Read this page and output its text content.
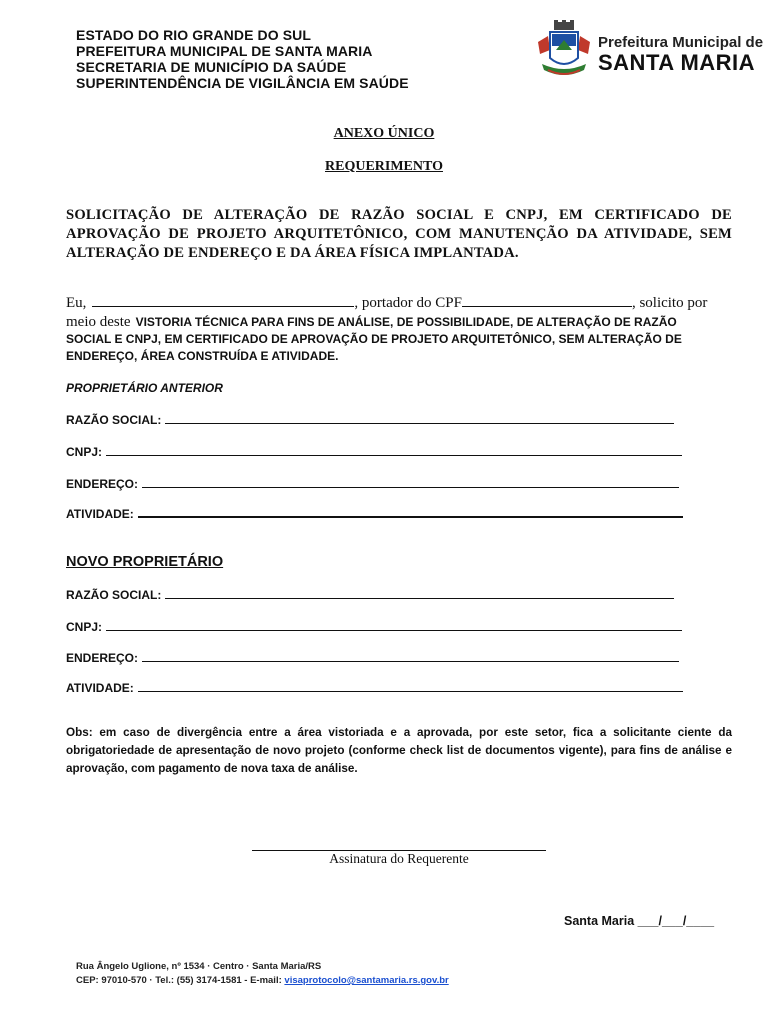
ESTADO DO RIO GRANDE DO SUL
PREFEITURA MUNICIPAL DE SANTA MARIA
SECRETARIA DE MUNICÍPIO DA SAÚDE
SUPERINTENDÊNCIA DE VIGILÂNCIA EM SAÚDE
Prefeitura Municipal de
SANTA MARIA
ANEXO ÚNICO
REQUERIMENTO
SOLICITAÇÃO DE ALTERAÇÃO DE RAZÃO SOCIAL E CNPJ, EM CERTIFICADO DE APROVAÇÃO DE PROJETO ARQUITETÔNICO, COM MANUTENÇÃO DA ATIVIDADE, SEM ALTERAÇÃO DE ENDEREÇO E DA ÁREA FÍSICA IMPLANTADA.
Eu,	, portador do CPF	, solicito por
meio deste VISTORIA TÉCNICA PARA FINS DE ANÁLISE, DE POSSIBILIDADE, DE ALTERAÇÃO DE RAZÃO
SOCIAL E CNPJ, EM CERTIFICADO DE APROVAÇÃO DE PROJETO ARQUITETÔNICO, SEM ALTERAÇÃO DE
ENDEREÇO, ÁREA CONSTRUÍDA E ATIVIDADE.
PROPRIETÁRIO ANTERIOR
RAZÃO SOCIAL:
CNPJ:
ENDEREÇO:
ATIVIDADE:
NOVO PROPRIETÁRIO
RAZÃO SOCIAL:
CNPJ:
ENDEREÇO:
ATIVIDADE:
Obs: em caso de divergência entre a área vistoriada e a aprovada, por este setor, fica a solicitante ciente da obrigatoriedade de apresentação de novo projeto (conforme check list de documentos vigente), para fins de análise e aprovação, com pagamento de nova taxa de análise.
Assinatura do Requerente
Santa Maria ___/___/____
Rua Ângelo Uglione, nº 1534 · Centro · Santa Maria/RS
CEP: 97010-570 · Tel.: (55) 3174-1581 - E-mail: visaprotocolo@santamaria.rs.gov.br
